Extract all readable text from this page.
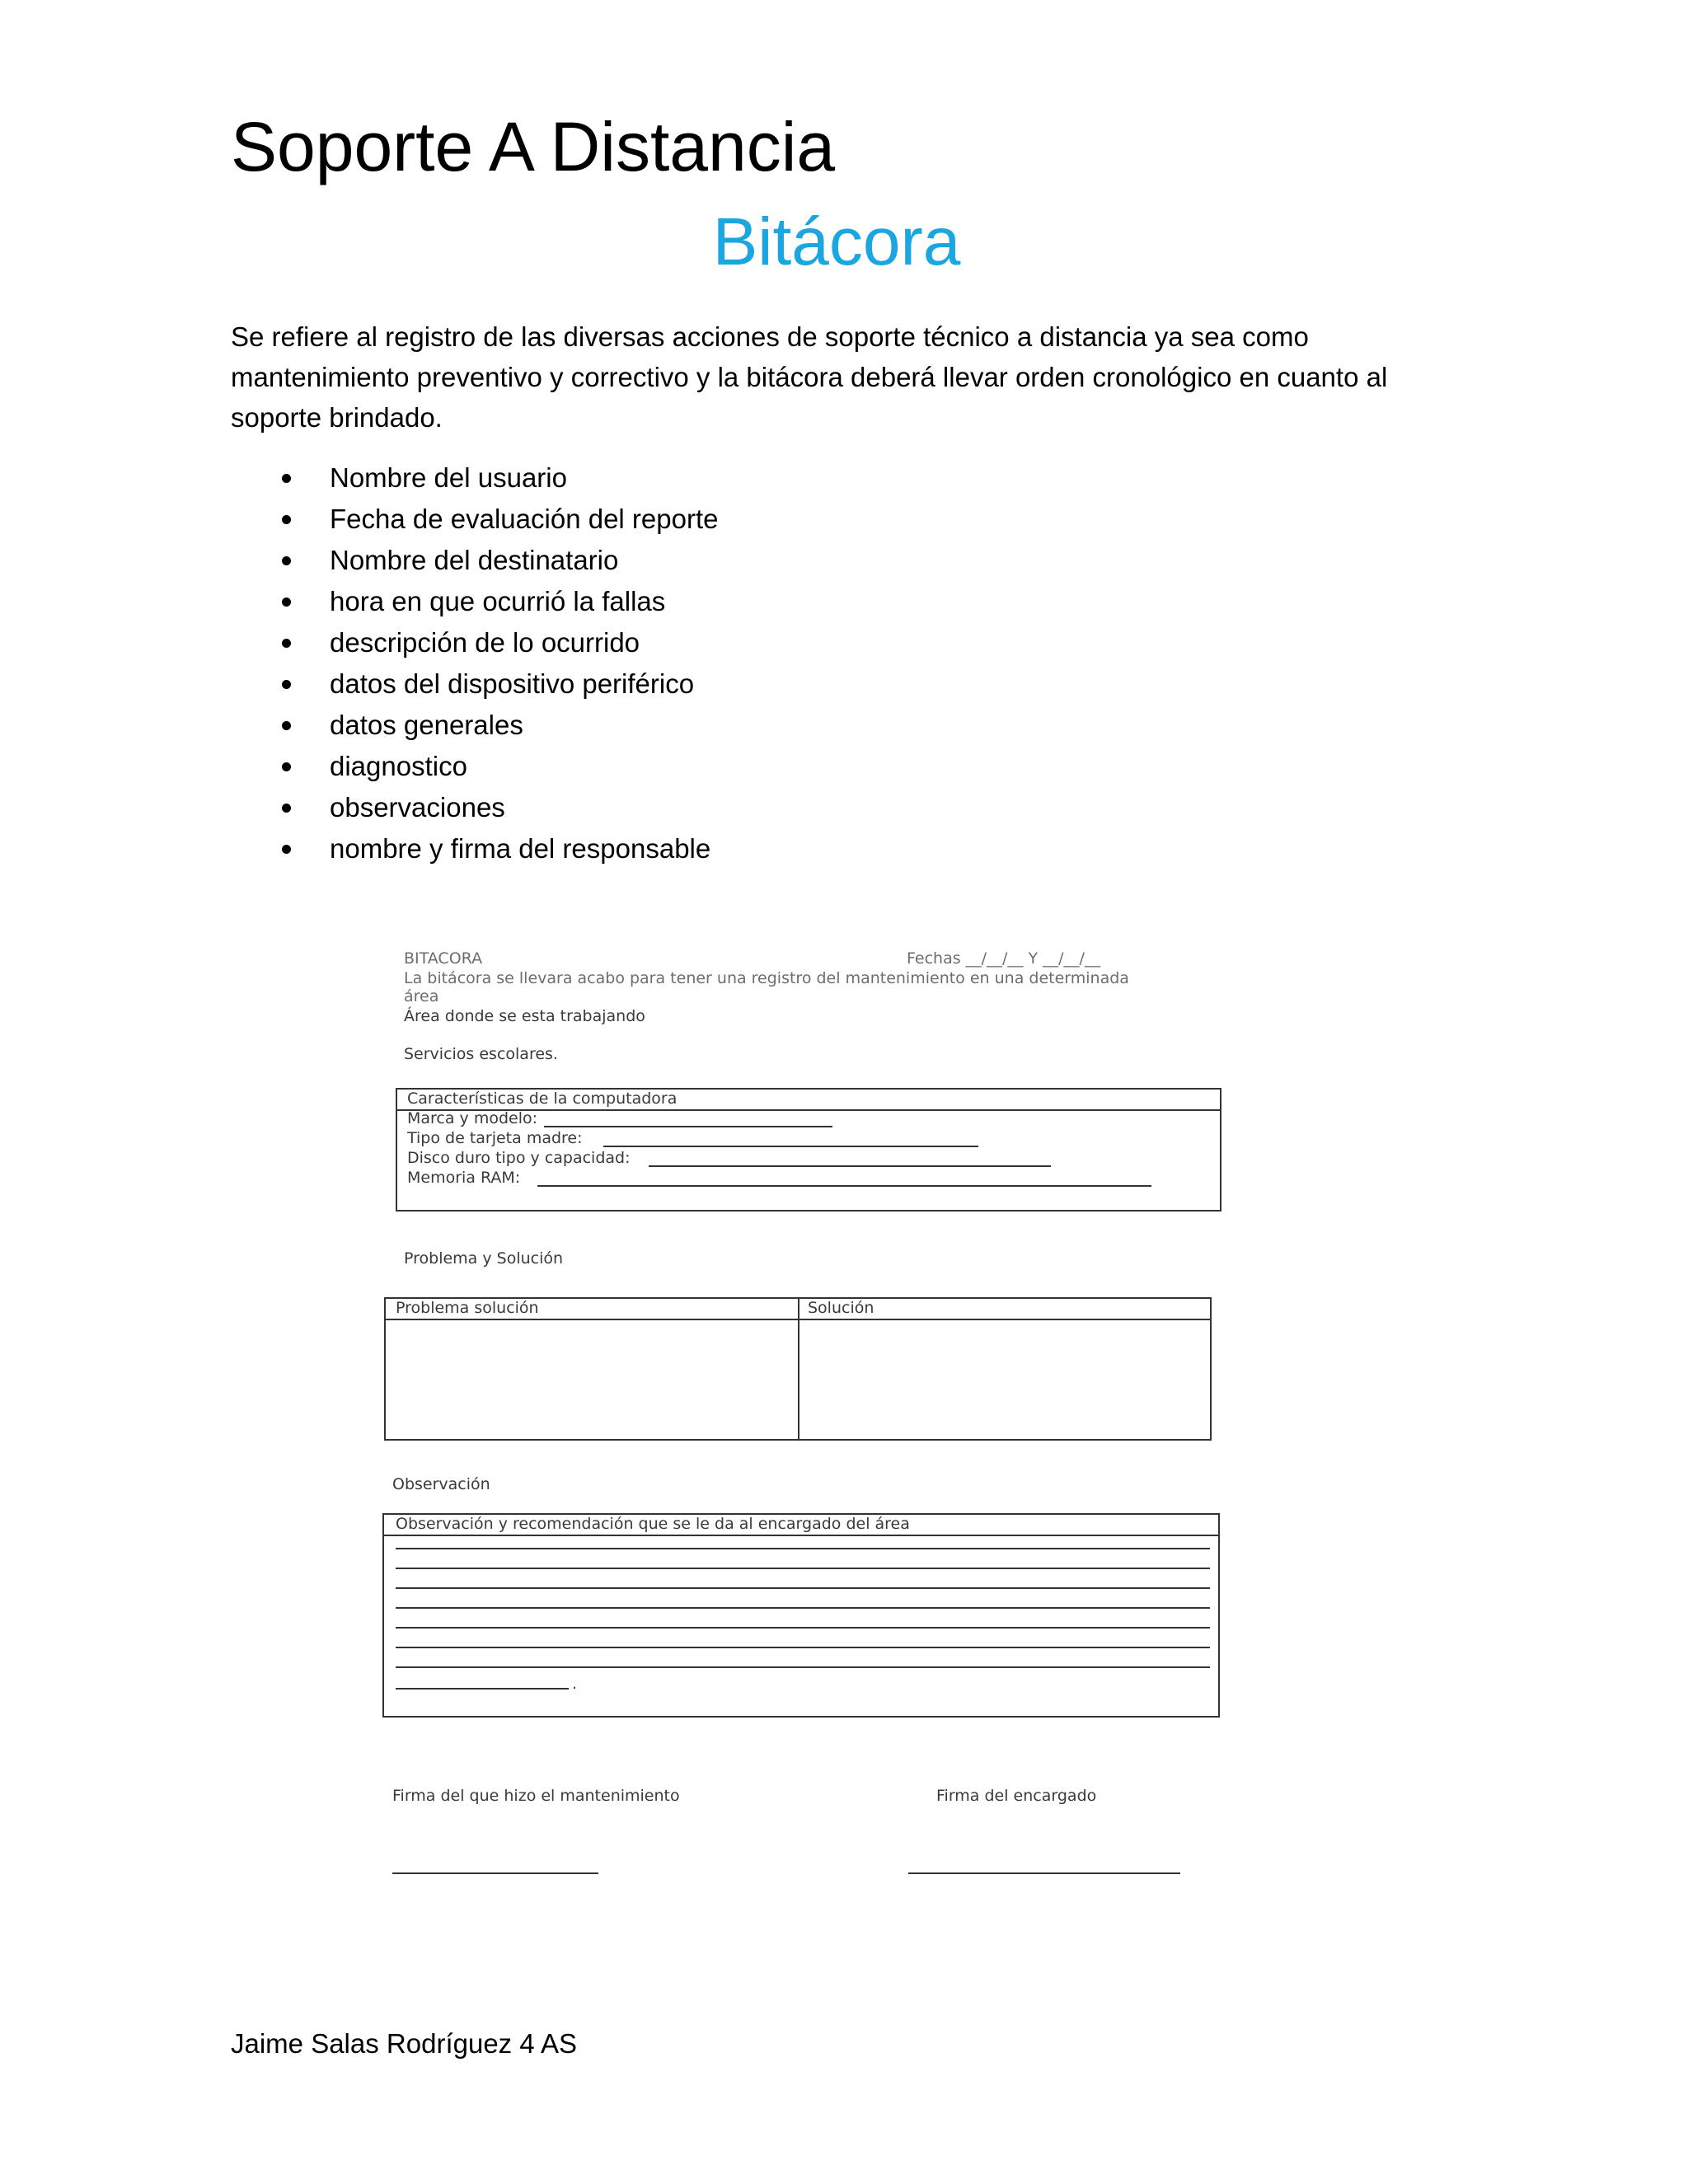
Soporte A Distancia
Bitácora

Se refiere al registro de las diversas acciones de soporte técnico a distancia ya sea como mantenimiento preventivo y correctivo y la bitácora deberá llevar orden cronológico en cuanto al soporte brindado.

Nombre del usuario
Fecha de evaluación del reporte
Nombre del destinatario
hora en que ocurrió la fallas
descripción de lo ocurrido
datos del dispositivo periférico
datos generales
diagnostico
observaciones
nombre y firma del responsable
BITACORA	Fechas __/__/__ Y __/__/__
La bitácora se llevara acabo para tener una registro del mantenimiento en una determinada
área
Área donde se esta trabajando
Servicios escolares.
Características de la computadora
Marca y modelo:
Tipo de tarjeta madre:
Disco duro tipo y capacidad:
Memoria RAM:
Problema y Solución
Problema solución	Solución
Observación
Observación y recomendación que se le da al encargado del área
.
Firma del que hizo el mantenimiento	Firma del encargado

Jaime Salas Rodríguez 4 AS
